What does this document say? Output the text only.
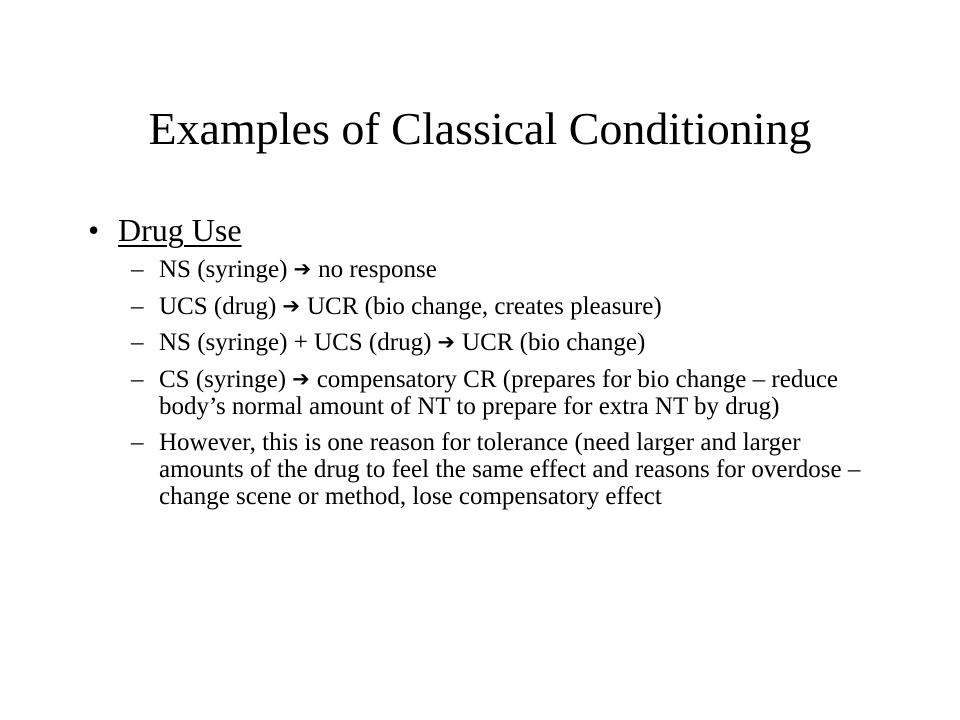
Examples of Classical Conditioning
• Drug Use
– NS (syringe) ➔ no response
– UCS (drug) ➔ UCR (bio change, creates pleasure)
– NS (syringe) + UCS (drug) ➔ UCR (bio change)
– CS (syringe) ➔ compensatory CR (prepares for bio change – reduce body’s normal amount of NT to prepare for extra NT by drug)
– However, this is one reason for tolerance (need larger and larger amounts of the drug to feel the same effect and reasons for overdose – change scene or method, lose compensatory effect
